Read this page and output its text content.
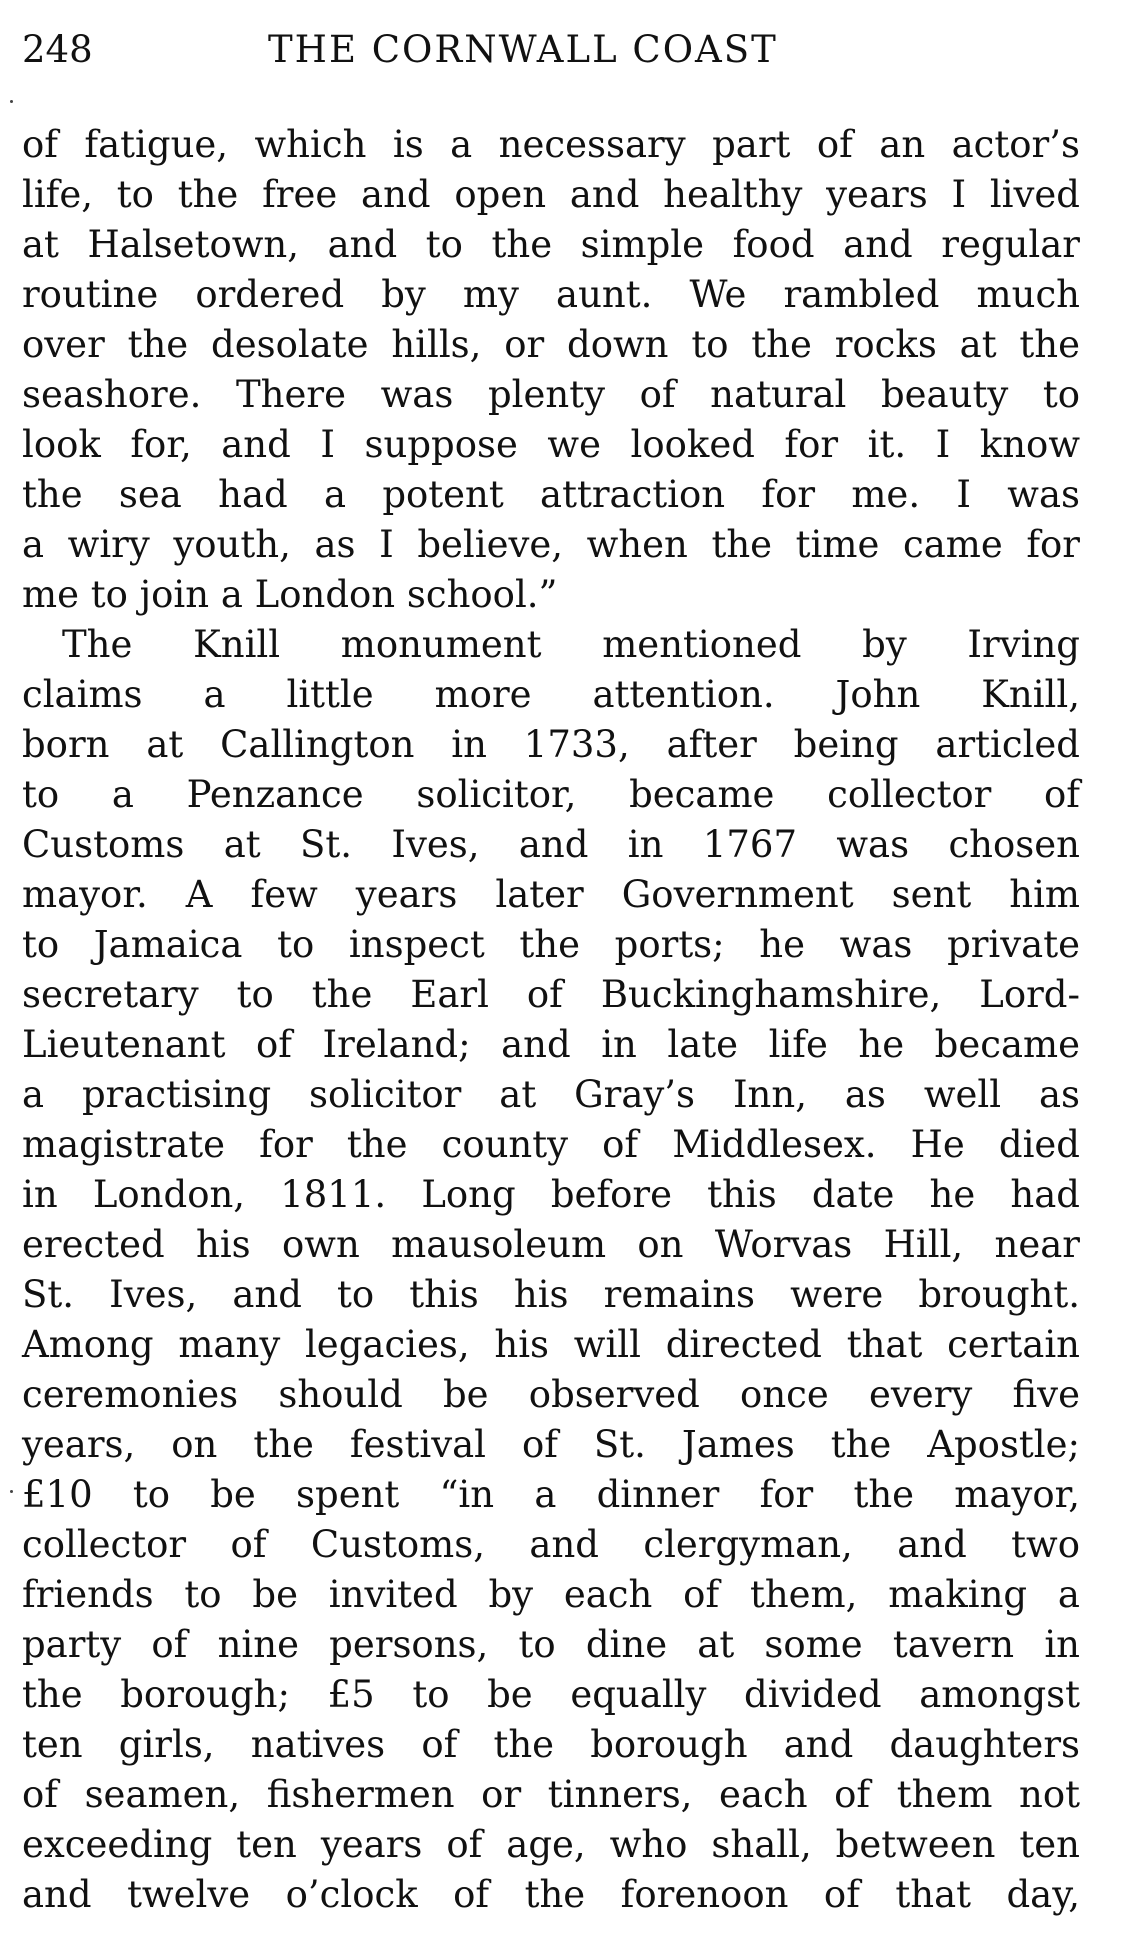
248	THE CORNWALL COAST
of fatigue, which is a necessary part of an actor’s
life, to the free and open and healthy years I lived
at Halsetown, and to the simple food and regular
routine ordered by my aunt. We rambled much
over the desolate hills, or down to the rocks at the
seashore. There was plenty of natural beauty to
look for, and I suppose we looked for it. I know
the sea had a potent attraction for me. I was
a wiry youth, as I believe, when the time came for
me to join a London school.”
The Knill monument mentioned by Irving
claims a little more attention. John Knill,
born at Callington in 1733, after being articled
to a Penzance solicitor, became collector of
Customs at St. Ives, and in 1767 was chosen
mayor. A few years later Government sent him
to Jamaica to inspect the ports; he was private
secretary to the Earl of Buckinghamshire, Lord-
Lieutenant of Ireland; and in late life he became
a practising solicitor at Gray’s Inn, as well as
magistrate for the county of Middlesex. He died
in London, 1811. Long before this date he had
erected his own mausoleum on Worvas Hill, near
St. Ives, and to this his remains were brought.
Among many legacies, his will directed that certain
ceremonies should be observed once every five
years, on the festival of St. James the Apostle;
£10 to be spent “in a dinner for the mayor,
collector of Customs, and clergyman, and two
friends to be invited by each of them, making a
party of nine persons, to dine at some tavern in
the borough; £5 to be equally divided amongst
ten girls, natives of the borough and daughters
of seamen, fishermen or tinners, each of them not
exceeding ten years of age, who shall, between ten
and twelve o’clock of the forenoon of that day,
